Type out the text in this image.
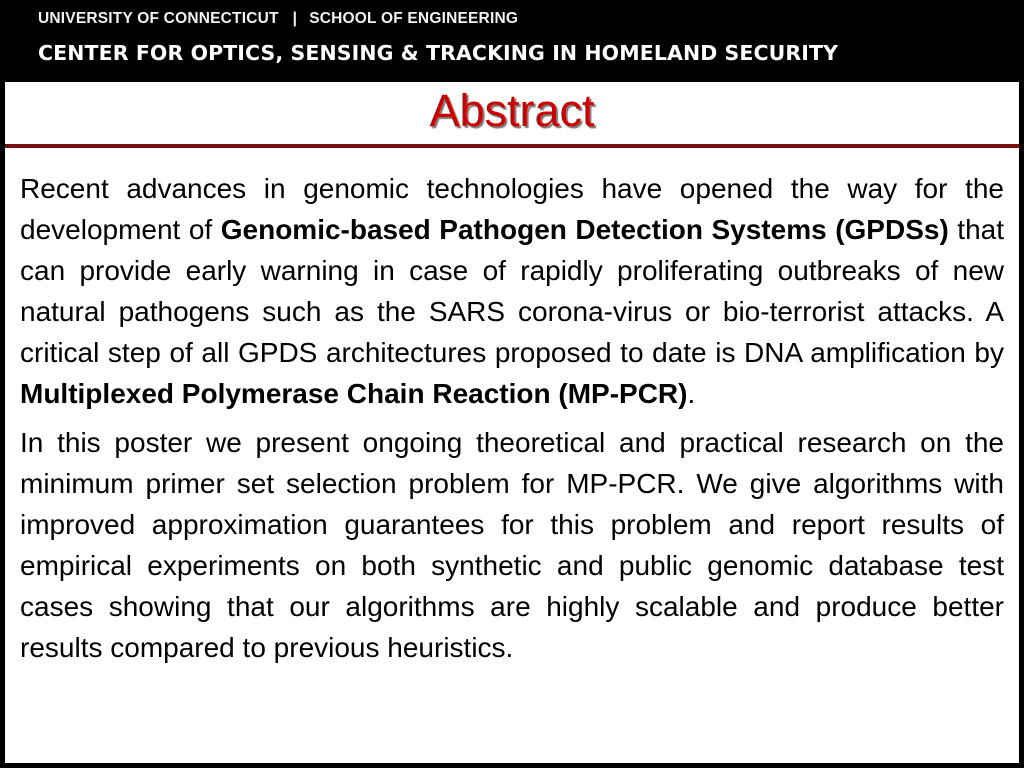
UNIVERSITY OF CONNECTICUT | SCHOOL OF ENGINEERING
CENTER FOR OPTICS, SENSING & TRACKING IN HOMELAND SECURITY
Abstract

Recent advances in genomic technologies have opened the way for the development of Genomic-based Pathogen Detection Systems (GPDSs) that can provide early warning in case of rapidly proliferating outbreaks of new natural pathogens such as the SARS corona-virus or bio-terrorist attacks. A critical step of all GPDS architectures proposed to date is DNA amplification by Multiplexed Polymerase Chain Reaction (MP-PCR).

In this poster we present ongoing theoretical and practical research on the minimum primer set selection problem for MP-PCR. We give algorithms with improved approximation guarantees for this problem and report results of empirical experiments on both synthetic and public genomic database test cases showing that our algorithms are highly scalable and produce better results compared to previous heuristics.
